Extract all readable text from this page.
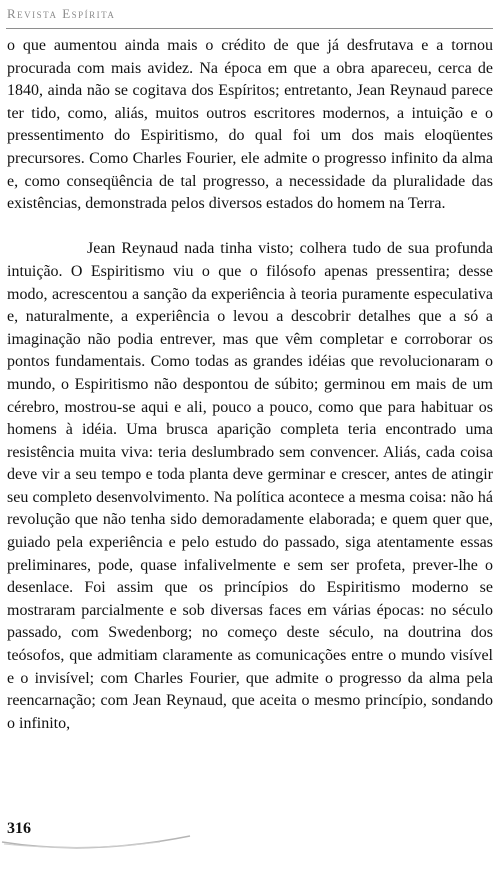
Revista Espírita

o que aumentou ainda mais o crédito de que já desfrutava e a tornou procurada com mais avidez. Na época em que a obra apareceu, cerca de 1840, ainda não se cogitava dos Espíritos; entretanto, Jean Reynaud parece ter tido, como, aliás, muitos outros escritores modernos, a intuição e o pressentimento do Espiritismo, do qual foi um dos mais eloqüentes precursores. Como Charles Fourier, ele admite o progresso infinito da alma e, como conseqüência de tal progresso, a necessidade da pluralidade das existências, demonstrada pelos diversos estados do homem na Terra.

Jean Reynaud nada tinha visto; colhera tudo de sua profunda intuição. O Espiritismo viu o que o filósofo apenas pressentira; desse modo, acrescentou a sanção da experiência à teoria puramente especulativa e, naturalmente, a experiência o levou a descobrir detalhes que a só a imaginação não podia entrever, mas que vêm completar e corroborar os pontos fundamentais. Como todas as grandes idéias que revolucionaram o mundo, o Espiritismo não despontou de súbito; germinou em mais de um cérebro, mostrou-se aqui e ali, pouco a pouco, como que para habituar os homens à idéia. Uma brusca aparição completa teria encontrado uma resistência muita viva: teria deslumbrado sem convencer. Aliás, cada coisa deve vir a seu tempo e toda planta deve germinar e crescer, antes de atingir seu completo desenvolvimento. Na política acontece a mesma coisa: não há revolução que não tenha sido demoradamente elaborada; e quem quer que, guiado pela experiência e pelo estudo do passado, siga atentamente essas preliminares, pode, quase infalivelmente e sem ser profeta, prever-lhe o desenlace. Foi assim que os princípios do Espiritismo moderno se mostraram parcialmente e sob diversas faces em várias épocas: no século passado, com Swedenborg; no começo deste século, na doutrina dos teósofos, que admitiam claramente as comunicações entre o mundo visível e o invisível; com Charles Fourier, que admite o progresso da alma pela reencarnação; com Jean Reynaud, que aceita o mesmo princípio, sondando o infinito,

316
